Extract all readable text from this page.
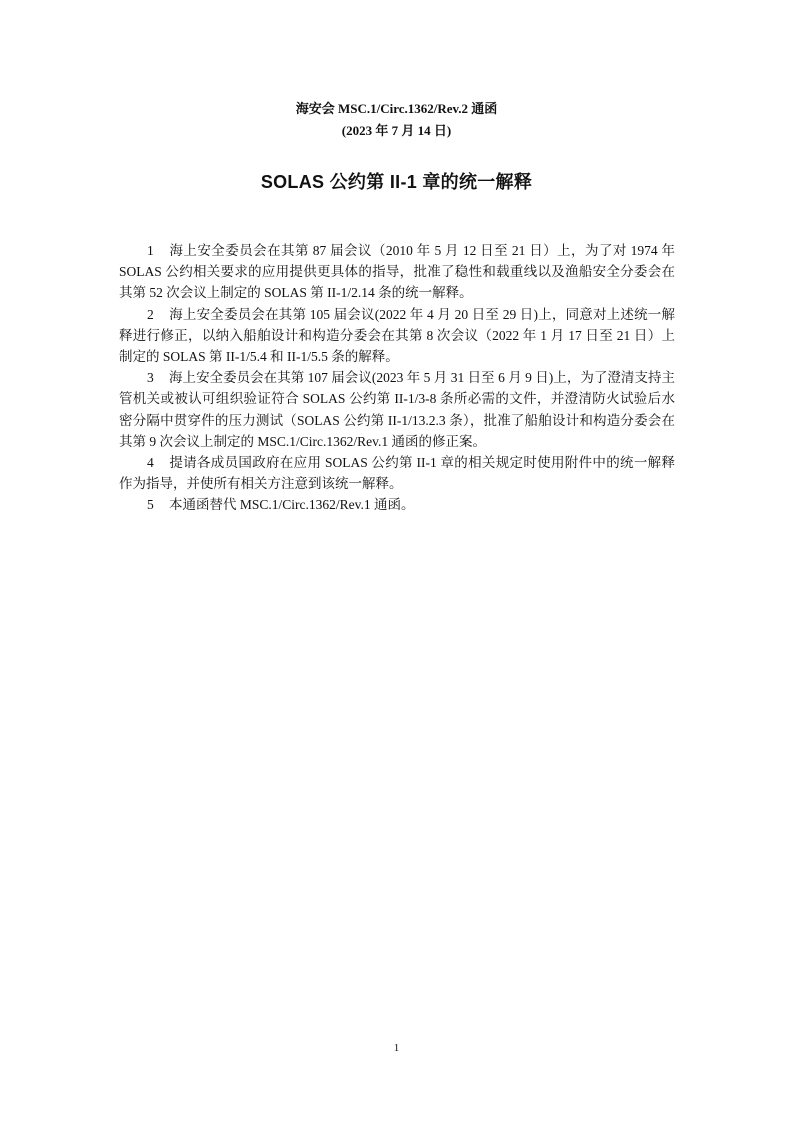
海安会 MSC.1/Circ.1362/Rev.2 通函
(2023 年 7 月 14 日)
SOLAS 公约第 II-1 章的统一解释

1 海上安全委员会在其第 87 届会议（2010 年 5 月 12 日至 21 日）上，为了对 1974 年 SOLAS 公约相关要求的应用提供更具体的指导，批准了稳性和载重线以及渔船安全分委会在其第 52 次会议上制定的 SOLAS 第 II-1/2.14 条的统一解释。

2 海上安全委员会在其第 105 届会议(2022 年 4 月 20 日至 29 日)上，同意对上述统一解释进行修正，以纳入船舶设计和构造分委会在其第 8 次会议（2022 年 1 月 17 日至 21 日）上制定的 SOLAS 第 II-1/5.4 和 II-1/5.5 条的解释。

3 海上安全委员会在其第 107 届会议(2023 年 5 月 31 日至 6 月 9 日)上，为了澄清支持主管机关或被认可组织验证符合 SOLAS 公约第 II-1/3-8 条所必需的文件，并澄清防火试验后水密分隔中贯穿件的压力测试（SOLAS 公约第 II-1/13.2.3 条），批准了船舶设计和构造分委会在其第 9 次会议上制定的 MSC.1/Circ.1362/Rev.1 通函的修正案。

4 提请各成员国政府在应用 SOLAS 公约第 II-1 章的相关规定时使用附件中的统一解释作为指导，并使所有相关方注意到该统一解释。

5 本通函替代 MSC.1/Circ.1362/Rev.1 通函。

1
